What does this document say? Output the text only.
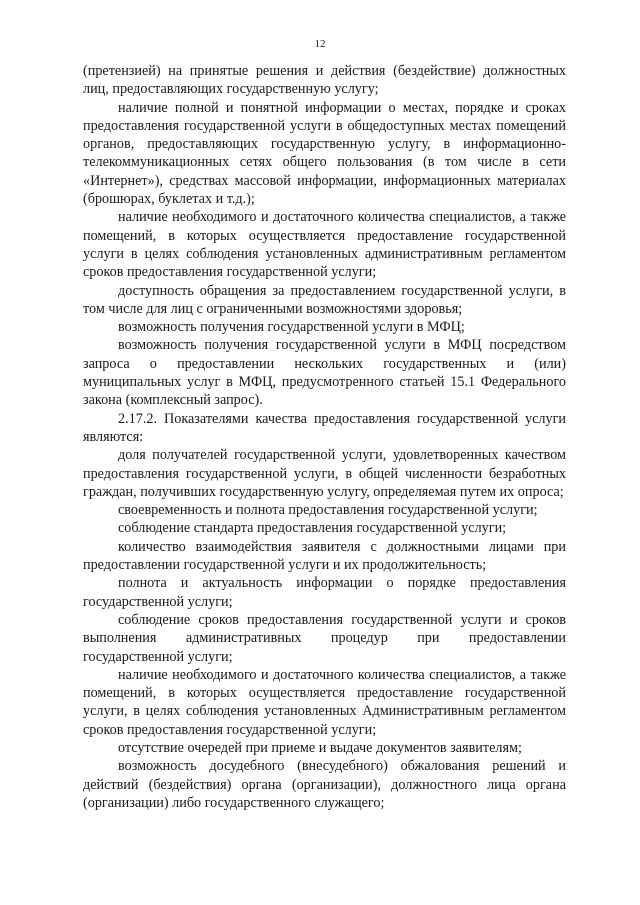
12

(претензией) на принятые решения и действия (бездействие) должностных лиц, предоставляющих государственную услугу;

наличие полной и понятной информации о местах, порядке и сроках предоставления государственной услуги в общедоступных местах помещений органов, предоставляющих государственную услугу, в информационно-телекоммуникационных сетях общего пользования (в том числе в сети «Интернет»), средствах массовой информации, информационных материалах (брошюрах, буклетах и т.д.);

наличие необходимого и достаточного количества специалистов, а также помещений, в которых осуществляется предоставление государственной услуги в целях соблюдения установленных административным регламентом сроков предоставления государственной услуги;

доступность обращения за предоставлением государственной услуги, в том числе для лиц с ограниченными возможностями здоровья;

возможность получения государственной услуги в МФЦ;

возможность получения государственной услуги в МФЦ посредством запроса о предоставлении нескольких государственных и (или) муниципальных услуг в МФЦ, предусмотренного статьей 15.1 Федерального закона (комплексный запрос).

2.17.2. Показателями качества предоставления государственной услуги являются:

доля получателей государственной услуги, удовлетворенных качеством предоставления государственной услуги, в общей численности безработных граждан, получивших государственную услугу, определяемая путем их опроса;

своевременность и полнота предоставления государственной услуги;

соблюдение стандарта предоставления государственной услуги;

количество взаимодействия заявителя с должностными лицами при предоставлении государственной услуги и их продолжительность;

полнота и актуальность информации о порядке предоставления государственной услуги;

соблюдение сроков предоставления государственной услуги и сроков выполнения административных процедур при предоставлении государственной услуги;

наличие необходимого и достаточного количества специалистов, а также помещений, в которых осуществляется предоставление государственной услуги, в целях соблюдения установленных Административным регламентом сроков предоставления государственной услуги;

отсутствие очередей при приеме и выдаче документов заявителям;

возможность досудебного (внесудебного) обжалования решений и действий (бездействия) органа (организации), должностного лица органа (организации) либо государственного служащего;
